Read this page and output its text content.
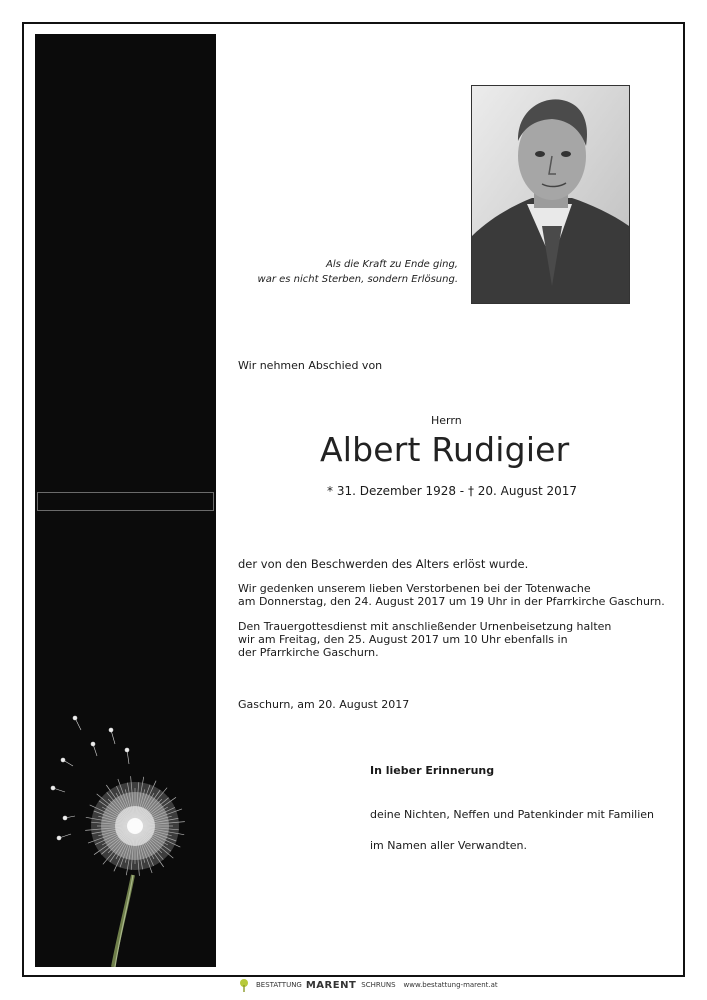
Als die Kraft zu Ende ging,
war es nicht Sterben, sondern Erlösung.
Wir nehmen Abschied von
Herrn
Albert Rudigier
* 31. Dezember 1928 - † 20. August 2017
der von den Beschwerden des Alters erlöst wurde.
Wir gedenken unserem lieben Verstorbenen bei der Totenwache
am Donnerstag, den 24. August 2017 um 19 Uhr in der Pfarrkirche Gaschurn.
Den Trauergottesdienst mit anschließender Urnenbeisetzung halten
wir am Freitag, den 25. August 2017 um 10 Uhr ebenfalls in
der Pfarrkirche Gaschurn.
Gaschurn, am 20. August 2017
In lieber Erinnerung
deine Nichten, Neffen und Patenkinder mit Familien
im Namen aller Verwandten.
BESTATTUNG MARENT SCHRUNS www.bestattung-marent.at
